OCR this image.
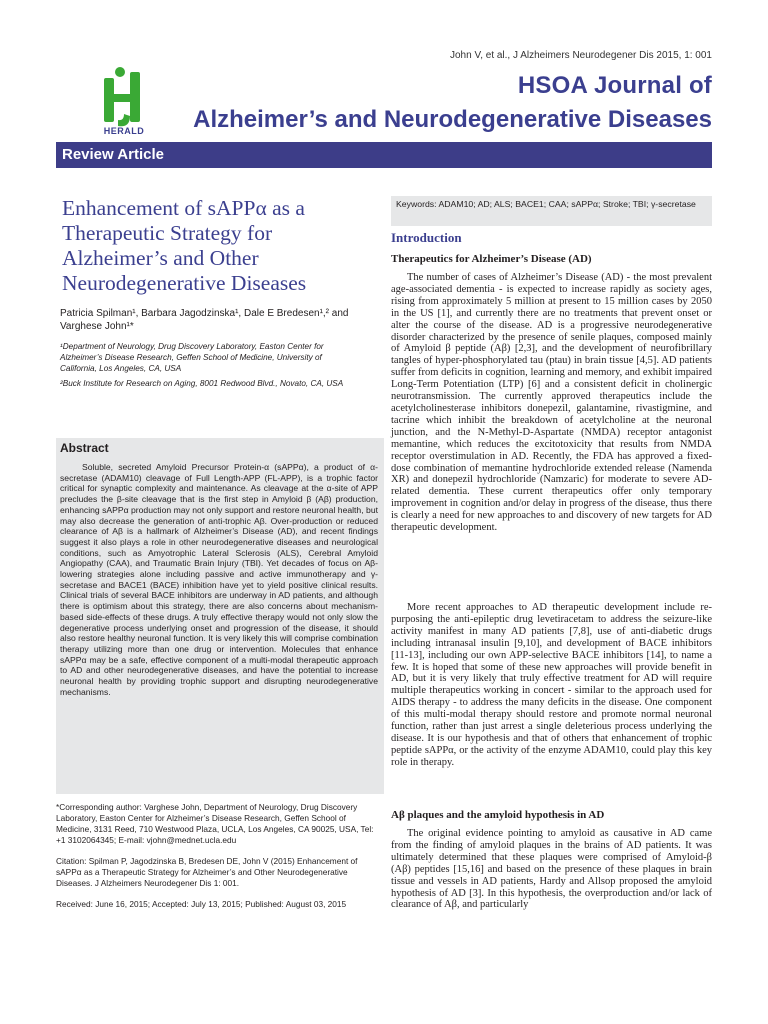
John V, et al., J Alzheimers Neurodegener Dis 2015, 1: 001
HERALD
HSOA Journal of
Alzheimer’s and Neurodegenerative Diseases
Review Article
Enhancement of sAPPα as a Therapeutic Strategy for Alzheimer’s and Other Neurodegenerative Diseases
Patricia Spilman¹, Barbara Jagodzinska¹, Dale E Bredesen¹,² and Varghese John¹*
¹Department of Neurology, Drug Discovery Laboratory, Easton Center for Alzheimer’s Disease Research, Geffen School of Medicine, University of California, Los Angeles, CA, USA
²Buck Institute for Research on Aging, 8001 Redwood Blvd., Novato, CA, USA
Abstract
Soluble, secreted Amyloid Precursor Protein-α (sAPPα), a product of α-secretase (ADAM10) cleavage of Full Length-APP (FL-APP), is a trophic factor critical for synaptic complexity and maintenance. As cleavage at the α-site of APP precludes the β-site cleavage that is the first step in Amyloid β (Aβ) production, enhancing sAPPα production may not only support and restore neuronal health, but may also decrease the generation of anti-trophic Aβ. Over-production or reduced clearance of Aβ is a hallmark of Alzheimer’s Disease (AD), and recent findings suggest it also plays a role in other neurodegenerative diseases and neurological conditions, such as Amyotrophic Lateral Sclerosis (ALS), Cerebral Amyloid Angiopathy (CAA), and Traumatic Brain Injury (TBI). Yet decades of focus on Aβ-lowering strategies alone including passive and active immunotherapy and γ-secretase and BACE1 (BACE) inhibition have yet to yield positive clinical results. Clinical trials of several BACE inhibitors are underway in AD patients, and although there is optimism about this strategy, there are also concerns about mechanism-based side-effects of these drugs. A truly effective therapy would not only slow the degenerative process underlying onset and progression of the disease, it should also restore healthy neuronal function. It is very likely this will comprise combination therapy utilizing more than one drug or intervention. Molecules that enhance sAPPα may be a safe, effective component of a multi-modal therapeutic approach to AD and other neurodegenerative diseases, and have the potential to increase neuronal health by providing trophic support and disrupting neurodegenerative mechanisms.
*Corresponding author: Varghese John, Department of Neurology, Drug Discovery Laboratory, Easton Center for Alzheimer’s Disease Research, Geffen School of Medicine, 3131 Reed, 710 Westwood Plaza, UCLA, Los Angeles, CA 90025, USA, Tel: +1 3102064345; E-mail: vjohn@mednet.ucla.edu
Citation: Spilman P, Jagodzinska B, Bredesen DE, John V (2015) Enhancement of sAPPα as a Therapeutic Strategy for Alzheimer’s and Other Neurodegenerative Diseases. J Alzheimers Neurodegener Dis 1: 001.
Received: June 16, 2015; Accepted: July 13, 2015; Published: August 03, 2015
Keywords: ADAM10; AD; ALS; BACE1; CAA; sAPPα; Stroke; TBI; γ-secretase
Introduction
Therapeutics for Alzheimer’s Disease (AD)
The number of cases of Alzheimer’s Disease (AD) - the most prevalent age-associated dementia - is expected to increase rapidly as society ages, rising from approximately 5 million at present to 15 million cases by 2050 in the US [1], and currently there are no treatments that prevent onset or alter the course of the disease. AD is a progressive neurodegenerative disorder characterized by the presence of senile plaques, composed mainly of Amyloid β peptide (Aβ) [2,3], and the development of neurofibrillary tangles of hyper-phosphorylated tau (ptau) in brain tissue [4,5]. AD patients suffer from deficits in cognition, learning and memory, and exhibit impaired Long-Term Potentiation (LTP) [6] and a consistent deficit in cholinergic neurotransmission. The currently approved therapeutics include the acetylcholinesterase inhibitors donepezil, galantamine, rivastigmine, and tacrine which inhibit the breakdown of acetylcholine at the neuronal junction, and the N-Methyl-D-Aspartate (NMDA) receptor antagonist memantine, which reduces the excitotoxicity that results from NMDA receptor overstimulation in AD. Recently, the FDA has approved a fixed-dose combination of memantine hydrochloride extended release (Namenda XR) and donepezil hydrochloride (Namzaric) for moderate to severe AD-related dementia. These current therapeutics offer only temporary improvement in cognition and/or delay in progress of the disease, thus there is clearly a need for new approaches to and discovery of new targets for AD therapeutic development.
More recent approaches to AD therapeutic development include re-purposing the anti-epileptic drug levetiracetam to address the seizure-like activity manifest in many AD patients [7,8], use of anti-diabetic drugs including intranasal insulin [9,10], and development of BACE inhibitors [11-13], including our own APP-selective BACE inhibitors [14], to name a few. It is hoped that some of these new approaches will provide benefit in AD, but it is very likely that truly effective treatment for AD will require multiple therapeutics working in concert - similar to the approach used for AIDS therapy - to address the many deficits in the disease. One component of this multi-modal therapy should restore and promote normal neuronal function, rather than just arrest a single deleterious process underlying the disease. It is our hypothesis and that of others that enhancement of trophic peptide sAPPα, or the activity of the enzyme ADAM10, could play this key role in therapy.
Aβ plaques and the amyloid hypothesis in AD
The original evidence pointing to amyloid as causative in AD came from the finding of amyloid plaques in the brains of AD patients. It was ultimately determined that these plaques were comprised of Amyloid-β (Aβ) peptides [15,16] and based on the presence of these plaques in brain tissue and vessels in AD patients, Hardy and Allsop proposed the amyloid hypothesis of AD [3]. In this hypothesis, the overproduction and/or lack of clearance of Aβ, and particularly
